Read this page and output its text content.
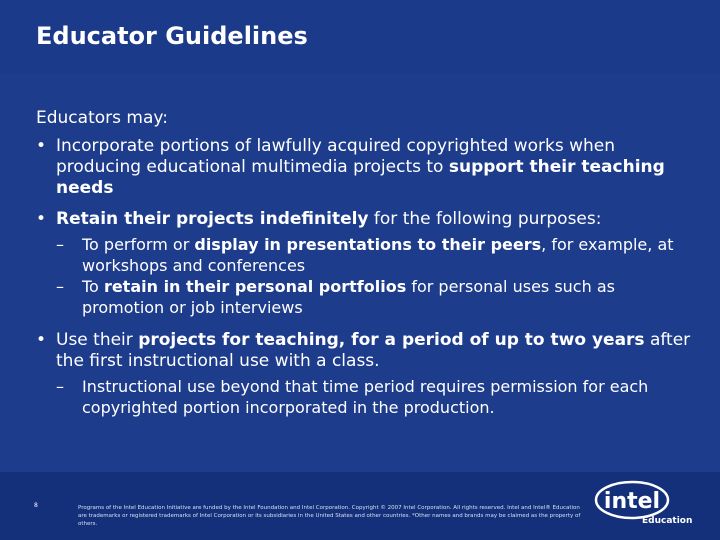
Educator Guidelines
Educators may:
• Incorporate portions of lawfully acquired copyrighted works when producing educational multimedia projects to support their teaching needs
• Retain their projects indefinitely for the following purposes:
– To perform or display in presentations to their peers, for example, at workshops and conferences
– To retain in their personal portfolios for personal uses such as promotion or job interviews
• Use their projects for teaching, for a period of up to two years after the first instructional use with a class.
– Instructional use beyond that time period requires permission for each copyrighted portion incorporated in the production.
8	Programs of the Intel Education Initiative are funded by the Intel Foundation and Intel Corporation. Copyright © 2007 Intel Corporation. All rights reserved. Intel and Intel® Education are trademarks or registered trademarks of Intel Corporation or its subsidiaries in the United States and other countries. *Other names and brands may be claimed as the property of others.
intel
Education
